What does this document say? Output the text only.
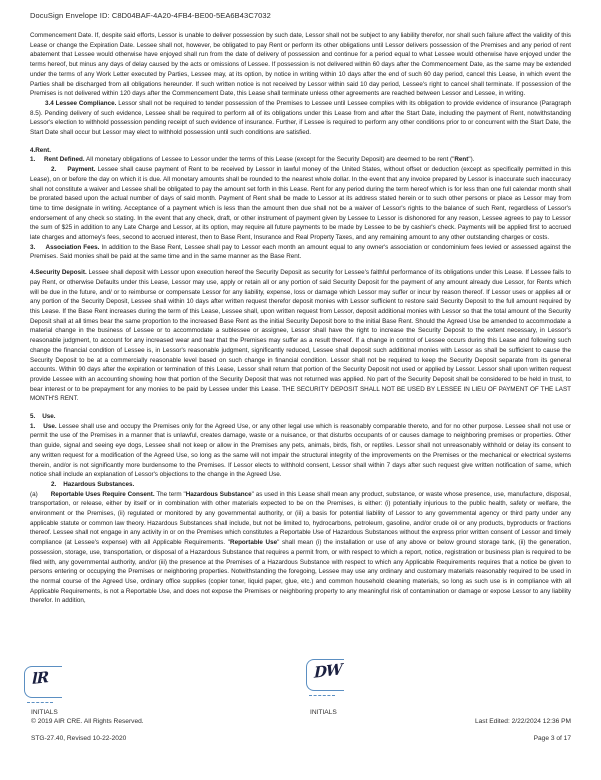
DocuSign Envelope ID: C8D04BAF-4A20-4FB4-BE00-5EA6B43C7032

Commencement Date. If, despite said efforts, Lessor is unable to deliver possession by such date, Lessor shall not be subject to any liability therefor, nor shall such failure affect the validity of this Lease or change the Expiration Date. Lessee shall not, however, be obligated to pay Rent or perform its other obligations until Lessor delivers possession of the Premises and any period of rent abatement that Lessee would otherwise have enjoyed shall run from the date of delivery of possession and continue for a period equal to what Lessee would otherwise have enjoyed under the terms hereof, but minus any days of delay caused by the acts or omissions of Lessee. If possession is not delivered within 60 days after the Commencement Date, as the same may be extended under the terms of any Work Letter executed by Parties, Lessee may, at its option, by notice in writing within 10 days after the end of such 60 day period, cancel this Lease, in which event the Parties shall be discharged from all obligations hereunder. If such written notice is not received by Lessor within said 10 day period, Lessee's right to cancel shall terminate. If possession of the Premises is not delivered within 120 days after the Commencement Date, this Lease shall terminate unless other agreements are reached between Lessor and Lessee, in writing.

3.4 Lessee Compliance. Lessor shall not be required to tender possession of the Premises to Lessee until Lessee complies with its obligation to provide evidence of insurance (Paragraph 8.5). Pending delivery of such evidence, Lessee shall be required to perform all of its obligations under this Lease from and after the Start Date, including the payment of Rent, notwithstanding Lessor's election to withhold possession pending receipt of such evidence of insurance. Further, if Lessee is required to perform any other conditions prior to or concurrent with the Start Date, the Start Date shall occur but Lessor may elect to withhold possession until such conditions are satisfied.

4.Rent.

1.     Rent Defined. All monetary obligations of Lessee to Lessor under the terms of this Lease (except for the Security Deposit) are deemed to be rent ("Rent").

2.     Payment. Lessee shall cause payment of Rent to be received by Lessor in lawful money of the United States, without offset or deduction (except as specifically permitted in this Lease), on or before the day on which it is due. All monetary amounts shall be rounded to the nearest whole dollar. In the event that any invoice prepared by Lessor is inaccurate such inaccuracy shall not constitute a waiver and Lessee shall be obligated to pay the amount set forth in this Lease. Rent for any period during the term hereof which is for less than one full calendar month shall be prorated based upon the actual number of days of said month. Payment of Rent shall be made to Lessor at its address stated herein or to such other persons or place as Lessor may from time to time designate in writing. Acceptance of a payment which is less than the amount then due shall not be a waiver of Lessor's rights to the balance of such Rent, regardless of Lessor's endorsement of any check so stating. In the event that any check, draft, or other instrument of payment given by Lessee to Lessor is dishonored for any reason, Lessee agrees to pay to Lessor the sum of $25 in addition to any Late Charge and Lessor, at its option, may require all future payments to be made by Lessee to be by cashier's check. Payments will be applied first to accrued late charges and attorney's fees, second to accrued interest, then to Base Rent, Insurance and Real Property Taxes, and any remaining amount to any other outstanding charges or costs.

3.     Association Fees. In addition to the Base Rent, Lessee shall pay to Lessor each month an amount equal to any owner's association or condominium fees levied or assessed against the Premises. Said monies shall be paid at the same time and in the same manner as the Base Rent.

4.Security Deposit. Lessee shall deposit with Lessor upon execution hereof the Security Deposit as security for Lessee's faithful performance of its obligations under this Lease. If Lessee fails to pay Rent, or otherwise Defaults under this Lease, Lessor may use, apply or retain all or any portion of said Security Deposit for the payment of any amount already due Lessor, for Rents which will be due in the future, and/ or to reimburse or compensate Lessor for any liability, expense, loss or damage which Lessor may suffer or incur by reason thereof. If Lessor uses or applies all or any portion of the Security Deposit, Lessee shall within 10 days after written request therefor deposit monies with Lessor sufficient to restore said Security Deposit to the full amount required by this Lease. If the Base Rent increases during the term of this Lease, Lessee shall, upon written request from Lessor, deposit additional monies with Lessor so that the total amount of the Security Deposit shall at all times bear the same proportion to the increased Base Rent as the initial Security Deposit bore to the initial Base Rent. Should the Agreed Use be amended to accommodate a material change in the business of Lessee or to accommodate a sublessee or assignee, Lessor shall have the right to increase the Security Deposit to the extent necessary, in Lessor's reasonable judgment, to account for any increased wear and tear that the Premises may suffer as a result thereof. If a change in control of Lessee occurs during this Lease and following such change the financial condition of Lessee is, in Lessor's reasonable judgment, significantly reduced, Lessee shall deposit such additional monies with Lessor as shall be sufficient to cause the Security Deposit to be at a commercially reasonable level based on such change in financial condition. Lessor shall not be required to keep the Security Deposit separate from its general accounts. Within 90 days after the expiration or termination of this Lease, Lessor shall return that portion of the Security Deposit not used or applied by Lessor. Lessor shall upon written request provide Lessee with an accounting showing how that portion of the Security Deposit that was not returned was applied. No part of the Security Deposit shall be considered to be held in trust, to bear interest or to be prepayment for any monies to be paid by Lessee under this Lease. THE SECURITY DEPOSIT SHALL NOT BE USED BY LESSEE IN LIEU OF PAYMENT OF THE LAST MONTH'S RENT.

5.    Use.

1.    Use. Lessee shall use and occupy the Premises only for the Agreed Use, or any other legal use which is reasonably comparable thereto, and for no other purpose. Lessee shall not use or permit the use of the Premises in a manner that is unlawful, creates damage, waste or a nuisance, or that disturbs occupants of or causes damage to neighboring premises or properties. Other than guide, signal and seeing eye dogs, Lessee shall not keep or allow in the Premises any pets, animals, birds, fish, or reptiles. Lessor shall not unreasonably withhold or delay its consent to any written request for a modification of the Agreed Use, so long as the same will not impair the structural integrity of the improvements on the Premises or the mechanical or electrical systems therein, and/or is not significantly more burdensome to the Premises. If Lessor elects to withhold consent, Lessor shall within 7 days after such request give written notification of same, which notice shall include an explanation of Lessor's objections to the change in the Agreed Use.

2.    Hazardous Substances.

(a)       Reportable Uses Require Consent. The term "Hazardous Substance" as used in this Lease shall mean any product, substance, or waste whose presence, use, manufacture, disposal, transportation, or release, either by itself or in combination with other materials expected to be on the Premises, is either: (i) potentially injurious to the public health, safety or welfare, the environment or the Premises, (ii) regulated or monitored by any governmental authority, or (iii) a basis for potential liability of Lessor to any governmental agency or third party under any applicable statute or common law theory. Hazardous Substances shall include, but not be limited to, hydrocarbons, petroleum, gasoline, and/or crude oil or any products, byproducts or fractions thereof. Lessee shall not engage in any activity in or on the Premises which constitutes a Reportable Use of Hazardous Substances without the express prior written consent of Lessor and timely compliance (at Lessee's expense) with all Applicable Requirements. "Reportable Use" shall mean (i) the installation or use of any above or below ground storage tank, (ii) the generation, possession, storage, use, transportation, or disposal of a Hazardous Substance that requires a permit from, or with respect to which a report, notice, registration or business plan is required to be filed with, any governmental authority, and/or (iii) the presence at the Premises of a Hazardous Substance with respect to which any Applicable Requirements requires that a notice be given to persons entering or occupying the Premises or neighboring properties. Notwithstanding the foregoing, Lessee may use any ordinary and customary materials reasonably required to be used in the normal course of the Agreed Use, ordinary office supplies (copier toner, liquid paper, glue, etc.) and common household cleaning materials, so long as such use is in compliance with all Applicable Requirements, is not a Reportable Use, and does not expose the Premises or neighboring property to any meaningful risk of contamination or damage or expose Lessor to any liability therefor. In addition,

lR	DW
INITIALS	INITIALS
© 2019 AIR CRE. All Rights Reserved.	Last Edited: 2/22/2024 12:36 PM
STG-27.40, Revised 10-22-2020	Page 3 of 17
